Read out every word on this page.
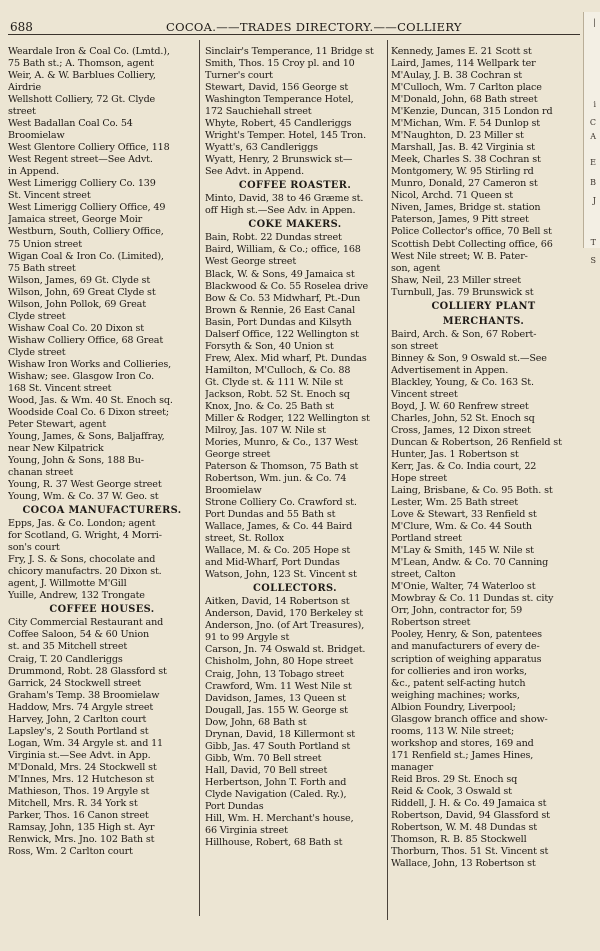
688	COCOA.——TRADES DIRECTORY.——COLLIERY
Weardale Iron & Coal Co. (Lmtd.),
75 Bath st.; A. Thomson, agent
Weir, A. & W. Barblues Colliery,
Airdrie
Wellshott Colliery, 72 Gt. Clyde
street
West Badallan Coal Co. 54
Broomielaw
West Glentore Colliery Office, 118
West Regent street—See Advt.
in Append.
West Limerigg Colliery Co. 139
St. Vincent street
West Limerigg Colliery Office, 49
Jamaica street, George Moir
Westburn, South, Colliery Office,
75 Union street
Wigan Coal & Iron Co. (Limited),
75 Bath street
Wilson, James, 69 Gt. Clyde st
Wilson, John, 69 Great Clyde st
Wilson, John Pollok, 69 Great
Clyde street
Wishaw Coal Co. 20 Dixon st
Wishaw Colliery Office, 68 Great
Clyde street
Wishaw Iron Works and Collieries,
Wishaw; see. Glasgow Iron Co.
168 St. Vincent street
Wood, Jas. & Wm. 40 St. Enoch sq.
Woodside Coal Co. 6 Dixon street;
Peter Stewart, agent
Young, James, & Sons, Baljaffray,
near New Kilpatrick
Young, John & Sons, 188 Bu-
chanan street
Young, R. 37 West George street
Young, Wm. & Co. 37 W. Geo. st
COCOA MANUFACTURERS.
Epps, Jas. & Co. London; agent
for Scotland, G. Wright, 4 Morri-
son's court
Fry, J. S. & Sons, chocolate and
chicory manufactrs. 20 Dixon st.
agent, J. Willmotte M'Gill
Yuille, Andrew, 132 Trongate
COFFEE HOUSES.
City Commercial Restaurant and
Coffee Saloon, 54 & 60 Union
st. and 35 Mitchell street
Craig, T. 20 Candleriggs
Drummond, Robt. 28 Glassford st
Garrick, 24 Stockwell street
Graham's Temp. 38 Broomielaw
Haddow, Mrs. 74 Argyle street
Harvey, John, 2 Carlton court
Lapsley's, 2 South Portland st
Logan, Wm. 34 Argyle st. and 11
Virginia st.—See Advt. in App.
M'Donald, Mrs. 24 Stockwell st
M'Innes, Mrs. 12 Hutcheson st
Mathieson, Thos. 19 Argyle st
Mitchell, Mrs. R. 34 York st
Parker, Thos. 16 Canon street
Ramsay, John, 135 High st. Ayr
Renwick, Mrs. Jno. 102 Bath st
Ross, Wm. 2 Carlton court
Sinclair's Temperance, 11 Bridge st
Smith, Thos. 15 Croy pl. and 10
Turner's court
Stewart, David, 156 George st
Washington Temperance Hotel,
172 Sauchiehall street
Whyte, Robert, 45 Candleriggs
Wright's Temper. Hotel, 145 Tron.
Wyatt's, 63 Candleriggs
Wyatt, Henry, 2 Brunswick st—
See Advt. in Append.
COFFEE ROASTER.
Minto, David, 38 to 46 Græme st.
off High st.—See Adv. in Appen.
COKE MAKERS.
Bain, Robt. 22 Dundas street
Baird, William, & Co.; office, 168
West George street
Black, W. & Sons, 49 Jamaica st
Blackwood & Co. 55 Roselea drive
Bow & Co. 53 Midwharf, Pt.-Dun
Brown & Rennie, 26 East Canal
Basin, Port Dundas and Kilsyth
Dalserf Office, 122 Wellington st
Forsyth & Son, 40 Union st
Frew, Alex. Mid wharf, Pt. Dundas
Hamilton, M'Culloch, & Co. 88
Gt. Clyde st. & 111 W. Nile st
Jackson, Robt. 52 St. Enoch sq
Knox, Jno. & Co. 25 Bath st
Miller & Rodger, 122 Wellington st
Milroy, Jas. 107 W. Nile st
Mories, Munro, & Co., 137 West
George street
Paterson & Thomson, 75 Bath st
Robertson, Wm. jun. & Co. 74
Broomielaw
Strone Colliery Co. Crawford st.
Port Dundas and 55 Bath st
Wallace, James, & Co. 44 Baird
street, St. Rollox
Wallace, M. & Co. 205 Hope st
and Mid-Wharf, Port Dundas
Watson, John, 123 St. Vincent st
COLLECTORS.
Aitken, David, 14 Robertson st
Anderson, David, 170 Berkeley st
Anderson, Jno. (of Art Treasures),
91 to 99 Argyle st
Carson, Jn. 74 Oswald st. Bridget.
Chisholm, John, 80 Hope street
Craig, John, 13 Tobago street
Crawford, Wm. 11 West Nile st
Davidson, James, 13 Queen st
Dougall, Jas. 155 W. George st
Dow, John, 68 Bath st
Drynan, David, 18 Killermont st
Gibb, Jas. 47 South Portland st
Gibb, Wm. 70 Bell street
Hall, David, 70 Bell street
Herbertson, John T. Forth and
Clyde Navigation (Caled. Ry.),
Port Dundas
Hill, Wm. H. Merchant's house,
66 Virginia street
Hillhouse, Robert, 68 Bath st
Kennedy, James E. 21 Scott st
Laird, James, 114 Wellpark ter
M'Aulay, J. B. 38 Cochran st
M'Culloch, Wm. 7 Carlton place
M'Donald, John, 68 Bath street
M'Kenzie, Duncan, 315 London rd
M'Michan, Wm. F. 54 Dunlop st
M'Naughton, D. 23 Miller st
Marshall, Jas. B. 42 Virginia st
Meek, Charles S. 38 Cochran st
Montgomery, W. 95 Stirling rd
Munro, Donald, 27 Cameron st
Nicol, Archd. 71 Queen st
Niven, James, Bridge st. station
Paterson, James, 9 Pitt street
Police Collector's office, 70 Bell st
Scottish Debt Collecting office, 66
West Nile street; W. B. Pater-
son, agent
Shaw, Neil, 23 Miller street
Turnbull, Jas. 79 Brunswick st
COLLIERY PLANT
MERCHANTS.
Baird, Arch. & Son, 67 Robert-
son street
Binney & Son, 9 Oswald st.—See
Advertisement in Appen.
Blackley, Young, & Co. 163 St.
Vincent street
Boyd, J. W. 60 Renfrew street
Charles, John, 52 St. Enoch sq
Cross, James, 12 Dixon street
Duncan & Robertson, 26 Renfield st
Hunter, Jas. 1 Robertson st
Kerr, Jas. & Co. India court, 22
Hope street
Laing, Brisbane, & Co. 95 Both. st
Lester, Wm. 25 Bath street
Love & Stewart, 33 Renfield st
M'Clure, Wm. & Co. 44 South
Portland street
M'Lay & Smith, 145 W. Nile st
M'Lean, Andw. & Co. 70 Canning
street, Calton
M'Onie, Walter, 74 Waterloo st
Mowbray & Co. 11 Dundas st. city
Orr, John, contractor for, 59
Robertson street
Pooley, Henry, & Son, patentees
and manufacturers of every de-
scription of weighing apparatus
for collieries and iron works,
&c., patent self-acting hutch
weighing machines; works,
Albion Foundry, Liverpool;
Glasgow branch office and show-
rooms, 113 W. Nile street;
workshop and stores, 169 and
171 Renfield st.; James Hines,
manager
Reid Bros. 29 St. Enoch sq
Reid & Cook, 3 Oswald st
Riddell, J. H. & Co. 49 Jamaica st
Robertson, David, 94 Glassford st
Robertson, W. M. 48 Dundas st
Thomson, R. B. 85 Stockwell
Thorburn, Thos. 51 St. Vincent st
Wallace, John, 13 Robertson st
|
i
C
A
E
B
J
T
S
